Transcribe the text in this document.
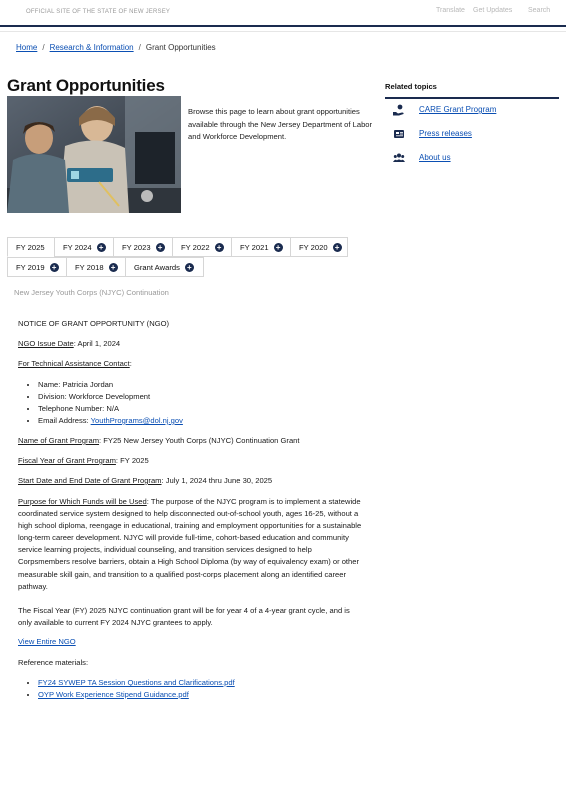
OFFICIAL SITE OF THE STATE OF NEW JERSEY	Translate Get Updates Search
Home / Research & Information / Grant Opportunities
Grant Opportunities

Browse this page to learn about grant opportunities available through the New Jersey Department of Labor and Workforce Development.

Related topics
CARE Grant Program
Press releases
About us
FY 2025 FY 2024 + FY 2023 + FY 2022 + FY 2021 + FY 2020 +
FY 2019 + FY 2018 + Grant Awards +
New Jersey Youth Corps (NJYC) Continuation
NOTICE OF GRANT OPPORTUNITY (NGO)
NGO Issue Date: April 1, 2024
For Technical Assistance Contact:
• Name: Patricia Jordan
• Division: Workforce Development
• Telephone Number: N/A
• Email Address: YouthPrograms@dol.nj.gov
Name of Grant Program: FY25 New Jersey Youth Corps (NJYC) Continuation Grant
Fiscal Year of Grant Program: FY 2025
Start Date and End Date of Grant Program: July 1, 2024 thru June 30, 2025
Purpose for Which Funds will be Used: The purpose of the NJYC program is to implement a statewide coordinated service system designed to help disconnected out-of-school youth, ages 16-25, without a high school diploma, reengage in educational, training and employment opportunities for a sustainable long-term career development. NJYC will provide full-time, cohort-based education and community service learning projects, individual counseling, and transition services designed to help Corpsmembers resolve barriers, obtain a High School Diploma (by way of equivalency exam) or other measurable skill gain, and transition to a qualified post-corps placement along an identified career pathway.
The Fiscal Year (FY) 2025 NJYC continuation grant will be for year 4 of a 4-year grant cycle, and is only available to current FY 2024 NJYC grantees to apply.
View Entire NGO
Reference materials:
• FY24 SYWEP TA Session Questions and Clarifications.pdf
• OYP Work Experience Stipend Guidance.pdf
